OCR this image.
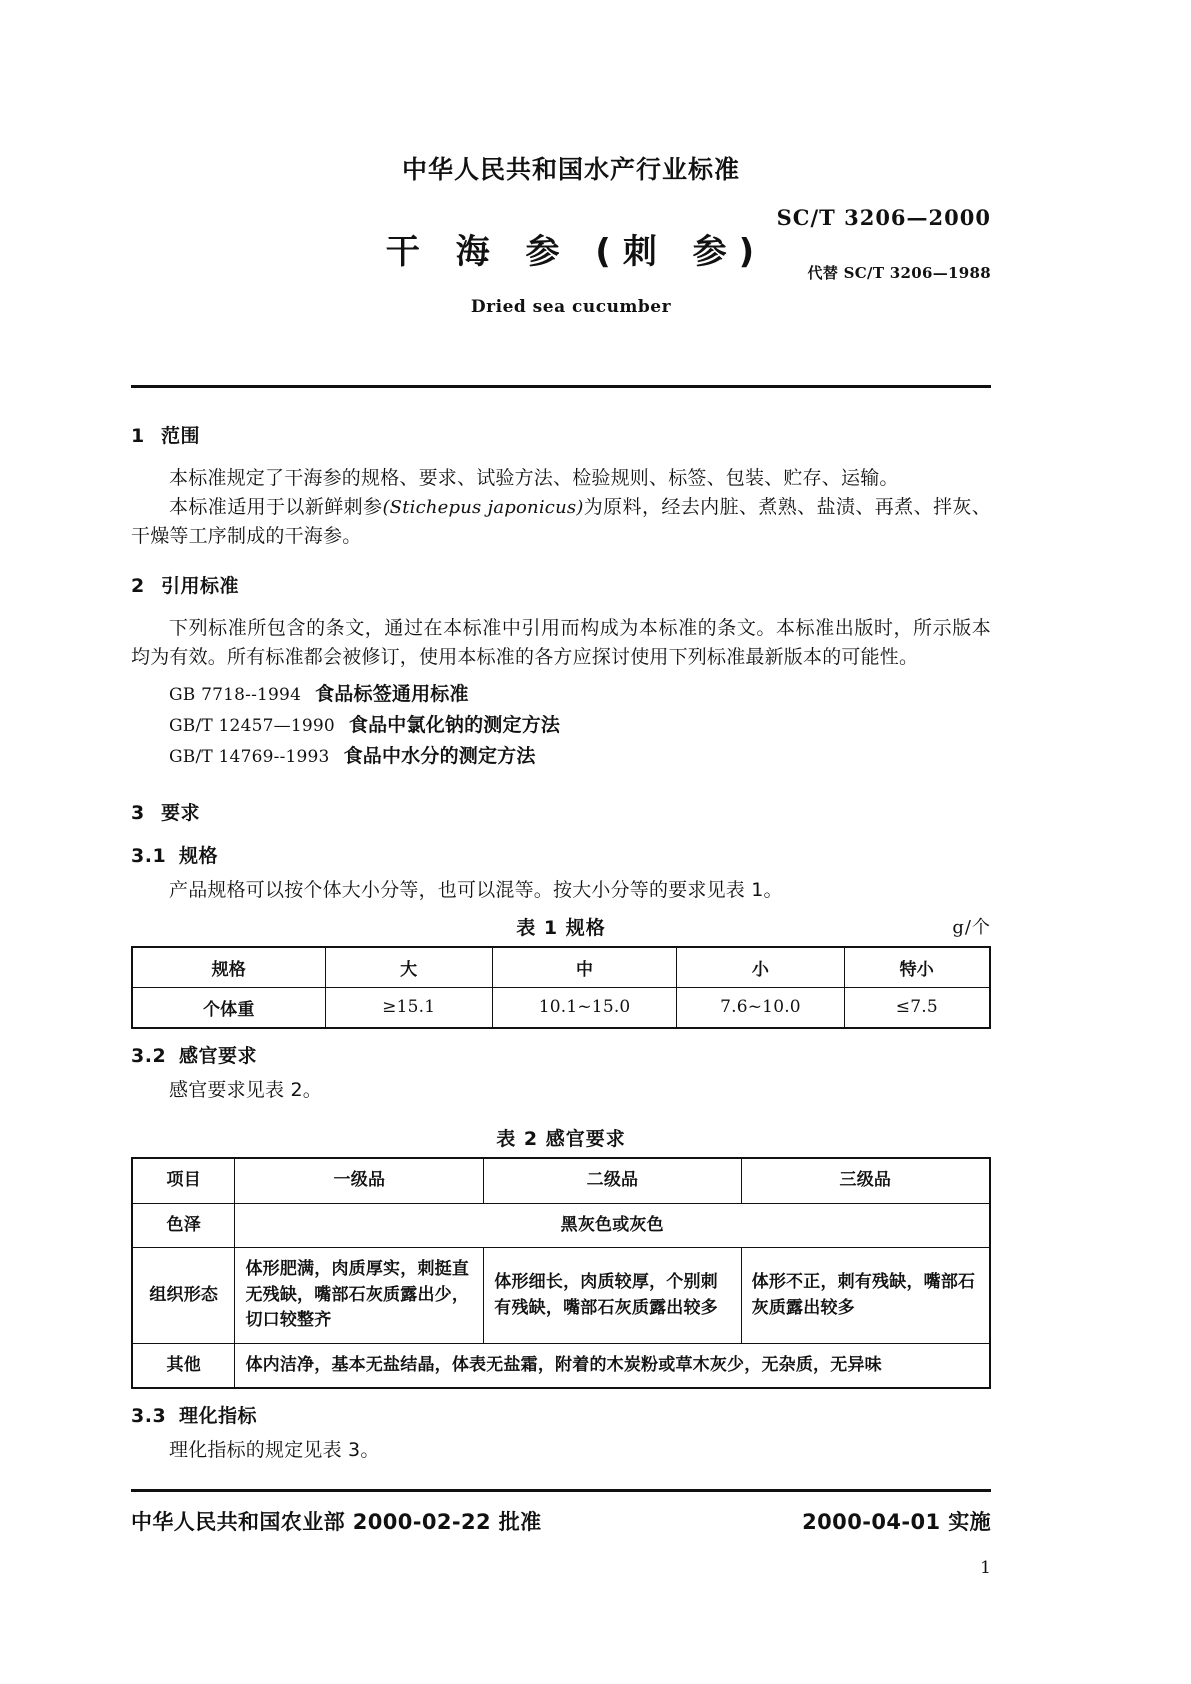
中华人民共和国水产行业标准
干 海 参 (刺 参)
Dried sea cucumber
SC/T 3206—2000
代替 SC/T 3206—1988
1 范围

本标准规定了干海参的规格、要求、试验方法、检验规则、标签、包装、贮存、运输。

本标准适用于以新鲜刺参(Stichepus japonicus)为原料，经去内脏、煮熟、盐渍、再煮、拌灰、干燥等工序制成的干海参。

2 引用标准

下列标准所包含的条文，通过在本标准中引用而构成为本标准的条文。本标准出版时，所示版本均为有效。所有标准都会被修订，使用本标准的各方应探讨使用下列标准最新版本的可能性。

GB 7718--1994 食品标签通用标准

GB/T 12457—1990 食品中氯化钠的测定方法

GB/T 14769--1993 食品中水分的测定方法

3 要求
3.1 规格

产品规格可以按个体大小分等，也可以混等。按大小分等的要求见表 1。

表 1 规格	g/个
规格	大	中	小	特小
个体重	≥15.1	10.1~15.0	7.6~10.0	≤7.5
3.2 感官要求

感官要求见表 2。

表 2 感官要求
项目	一级品	二级品	三级品
色泽	黑灰色或灰色		
组织形态	体形肥满，肉质厚实，刺挺直无残缺，嘴部石灰质露出少，切口较整齐	体形细长，肉质较厚，个别刺有残缺，嘴部石灰质露出较多	体形不正，刺有残缺，嘴部石灰质露出较多
其他	体内洁净，基本无盐结晶，体表无盐霜，附着的木炭粉或草木灰少，无杂质，无异味		
3.3 理化指标

理化指标的规定见表 3。

中华人民共和国农业部 2000-02-22 批准	2000-04-01 实施
1
